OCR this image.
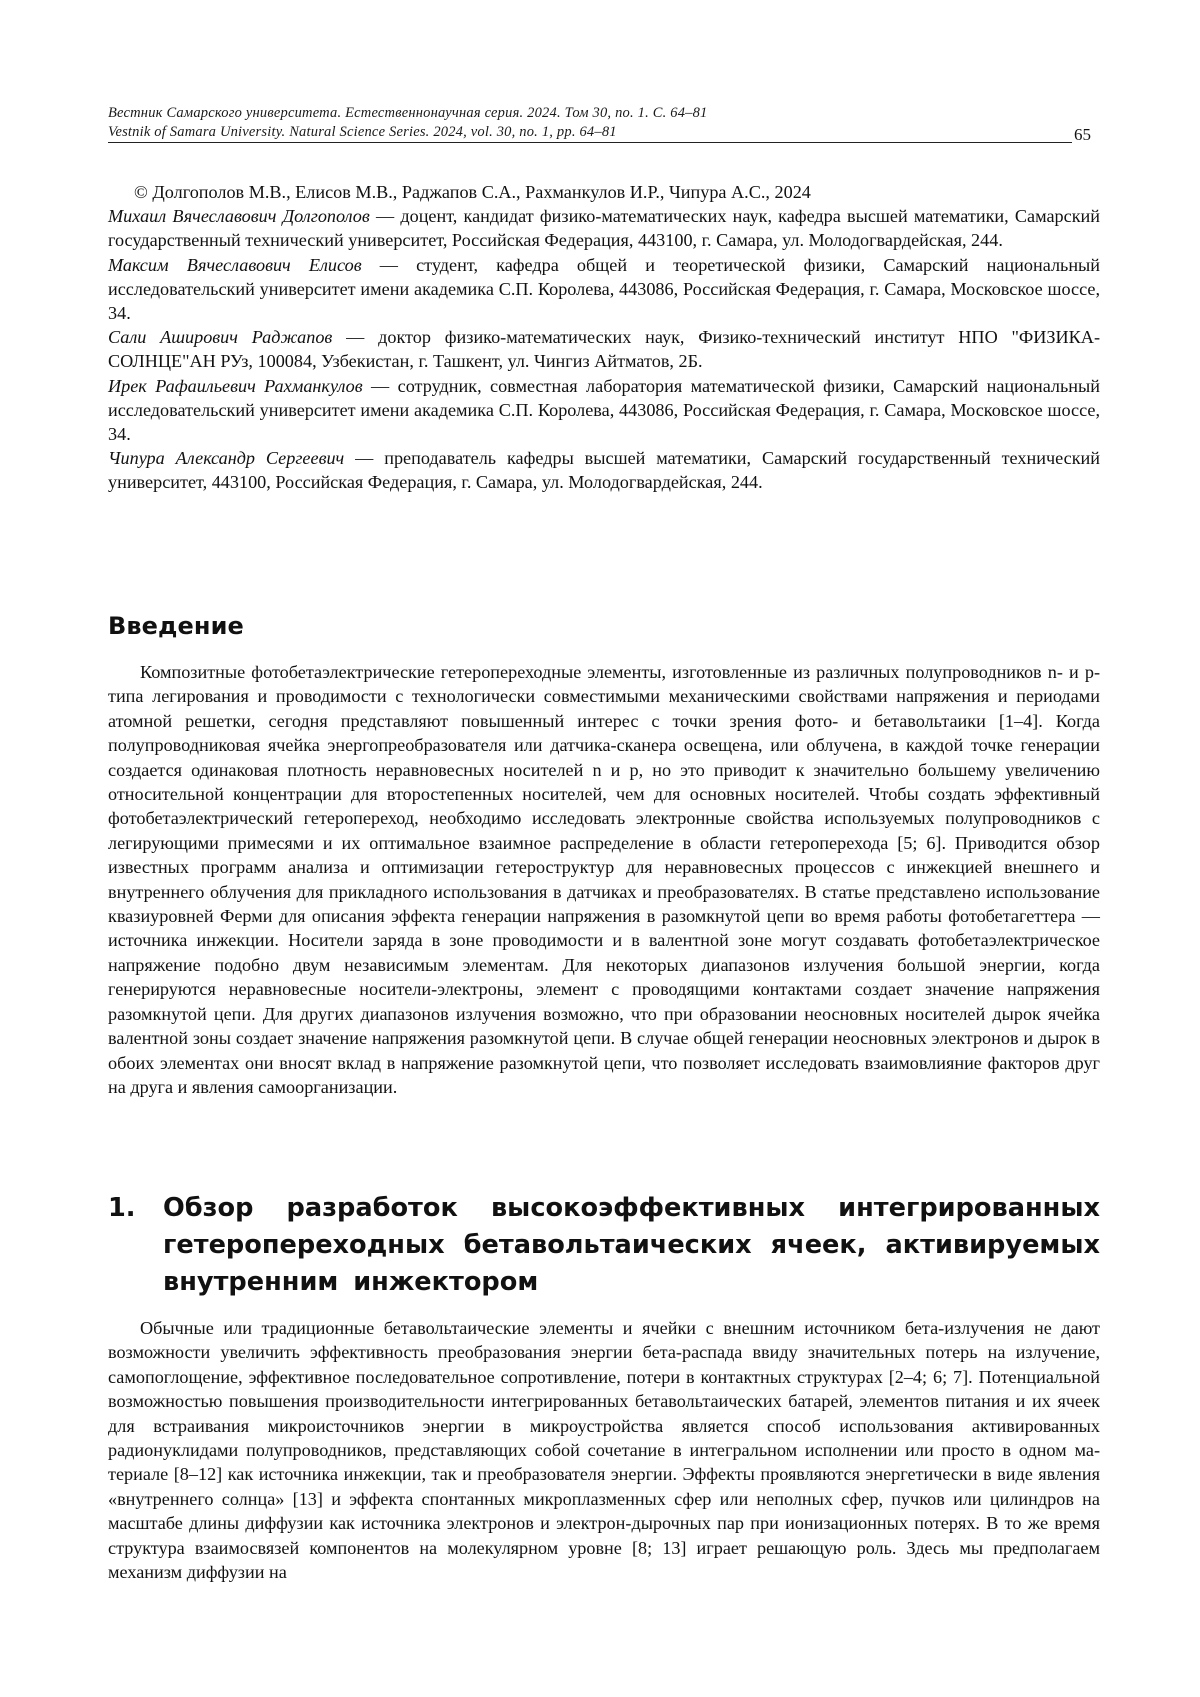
Вестник Самарского университета. Естественнонаучная серия. 2024. Том 30, no. 1. С. 64–81
Vestnik of Samara University. Natural Science Series. 2024, vol. 30, no. 1, pp. 64–81	65
© Долгополов М.В., Елисов М.В., Раджапов С.А., Рахманкулов И.Р., Чипура А.С., 2024
Михаил Вячеславович Долгополов — доцент, кандидат физико-математических наук, кафедра высшей математики, Самарский государственный технический университет, Российская Федерация, 443100, г. Самара, ул. Молодогвардейская, 244.
Максим Вячеславович Елисов — студент, кафедра общей и теоретической физики, Самарский национальный исследовательский университет имени академика С.П. Королева, 443086, Российская Федерация, г. Самара, Московское шоссе, 34.
Сали Аширович Раджапов — доктор физико-математических наук, Физико-технический институт НПО "ФИЗИКА-СОЛНЦЕ"АН РУз, 100084, Узбекистан, г. Ташкент, ул. Чингиз Айтматов, 2Б.
Ирек Рафаильевич Рахманкулов — сотрудник, совместная лаборатория математической физики, Самарский национальный исследовательский университет имени академика С.П. Королева, 443086, Российская Федерация, г. Самара, Московское шоссе, 34.
Чипура Александр Сергеевич — преподаватель кафедры высшей математики, Самарский государственный технический университет, 443100, Российская Федерация, г. Самара, ул. Молодогвардейская, 244.
Введение

Композитные фотобетаэлектрические гетеропереходные элементы, изготовленные из различных полупроводников n- и p-типа легирования и проводимости с технологически совместимыми механическими свойствами напряжения и периодами атомной решетки, сегодня представляют повышенный интерес с точки зрения фото- и бетавольтаики [1–4]. Когда полупроводниковая ячейка энергопреобразователя или датчика-сканера освещена, или облучена, в каждой точке генерации создается одинаковая плотность неравновесных носителей n и p, но это приводит к значительно большему увеличению относительной концентрации для второстепенных носителей, чем для основных носителей. Чтобы создать эффективный фотобетаэлектрический гетеропереход, необходимо исследовать электронные свойства используемых полупроводников с легирующими примесями и их оптимальное взаимное распределение в области гетероперехода [5; 6]. Приводится обзор известных программ анализа и оптимизации гетероструктур для неравновесных процессов с инжекцией внешнего и внутреннего облучения для прикладного использования в датчиках и преобразователях. В статье представлено использование квазиуровней Ферми для описания эффекта генерации напряжения в разомкнутой цепи во время работы фотобетагеттера — источника инжекции. Носители заряда в зоне проводимости и в валентной зоне могут создавать фотобетаэлектрическое напряжение подобно двум независимым элементам. Для некоторых диапазонов излучения большой энергии, когда генерируются неравновесные носители-электроны, элемент с проводящими контактами создает значение напряжения разомкнутой цепи. Для других диапазонов излучения возможно, что при образовании неосновных носителей дырок ячейка валентной зоны создает значение напряжения разомкнутой цепи. В случае общей генерации неосновных электронов и дырок в обоих элементах они вносят вклад в напряжение разомкнутой цепи, что позволяет исследовать взаимовлияние факторов друг на друга и явления самоорганизации.

1.	Обзор разработок высокоэффективных интегрированных гетеропереходных бетавольтаических ячеек, активируемых внутренним инжектором

Обычные или традиционные бетавольтаические элементы и ячейки с внешним источником бета-излучения не дают возможности увеличить эффективность преобразования энергии бета-распада ввиду значительных потерь на излучение, самопоглощение, эффективное последовательное сопротивление, потери в контактных структурах [2–4; 6; 7]. Потенциальной возможностью повышения производительности интегрированных бетавольтаических батарей, элементов питания и их ячеек для встраивания микроисточников энергии в микроустройства является способ использования активированных радионуклидами полупроводников, представляющих собой сочетание в интегральном исполнении или просто в одном материале [8–12] как источника инжекции, так и преобразователя энергии. Эффекты проявляются энергетически в виде явления «внутреннего солнца» [13] и эффекта спонтанных микроплазменных сфер или неполных сфер, пучков или цилиндров на масштабе длины диффузии как источника электронов и электрон-дырочных пар при ионизационных потерях. В то же время структура взаимосвязей компонентов на молекулярном уровне [8; 13] играет решающую роль. Здесь мы предполагаем механизм диффузии на
